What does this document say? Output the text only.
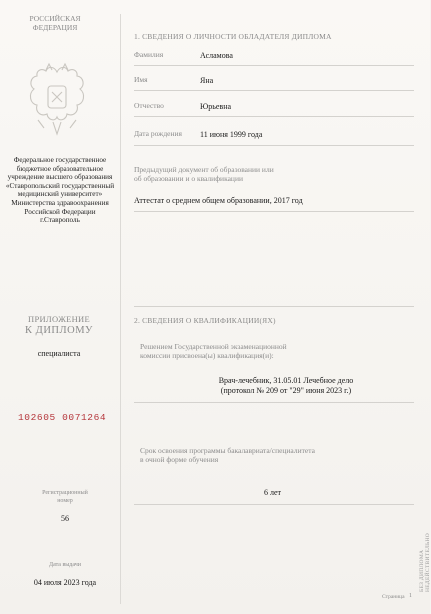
РОССИЙСКАЯ
ФЕДЕРАЦИЯ
Федеральное государственное
бюджетное образовательное
учреждение высшего образования
«Ставропольский государственный
медицинский университет»
Министерства здравоохранения
Российской Федерации
г.Ставрополь
ПРИЛОЖЕНИЕ
К ДИПЛОМУ
специалиста
102605 0071264
Регистрационный
номер
56
Дата выдачи
04 июля 2023 года
1. СВЕДЕНИЯ О ЛИЧНОСТИ ОБЛАДАТЕЛЯ ДИПЛОМА
Фамилия	Асламова
Имя	Яна
Отчество	Юрьевна
Дата рождения 11 июня 1999 года
Предыдущий документ об образовании или
об образовании и о квалификации
Аттестат о среднем общем образовании, 2017 год
2. СВЕДЕНИЯ О КВАЛИФИКАЦИИ(ЯХ)
Решением Государственной экзаменационной
комиссии присвоена(ы) квалификация(и):
Врач-лечебник, 31.05.01 Лечебное дело
(протокол № 209 от "29" июня 2023 г.)
Срок освоения программы бакалавриата/специалитета
в очной форме обучения
6 лет
БЕЗ ДИПЛОМА НЕДЕЙСТВИТЕЛЬНО
Страница 1
